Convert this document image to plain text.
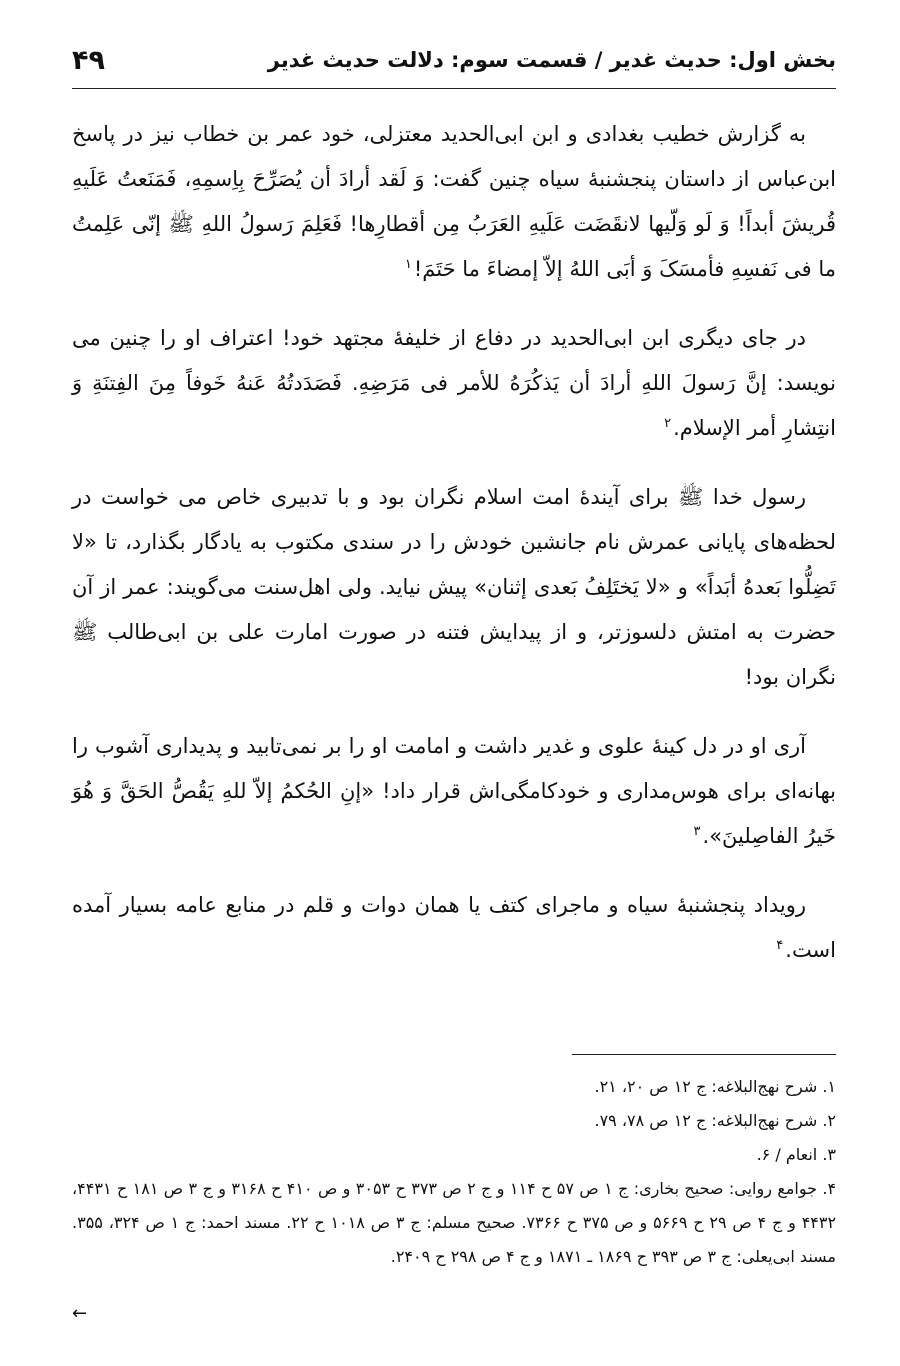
بخش اول: حدیث غدیر / قسمت سوم: دلالت حدیث غدیر
۴۹

به گزارش خطیب بغدادی و ابن ابی‌الحدید معتزلی، خود عمر بن خطاب نیز در پاسخ ابن‌عباس از داستان پنجشنبهٔ سیاه چنین گفت: وَ لَقد أرادَ أن یُصَرِّحَ بِاِسمِهِ، فَمَنَعتُ عَلَیهِ قُریشَ أبداً! وَ لَو وَلّیها لانقَضَت عَلَیهِ العَرَبُ مِن أقطارِها! فَعَلِمَ رَسولُ اللهِ ﷺ إنّی عَلِمتُ ما فی نَفسِهِ فأمسَکَ وَ أبَی اللهُ إلاّ إمضاءَ ما حَتَمَ!$^۱$

در جای دیگری ابن ابی‌الحدید در دفاع از خلیفهٔ مجتهد خود! اعتراف او را چنین می نویسد: إنَّ رَسولَ اللهِ أرادَ أن یَذکُرَهُ للأمر فی مَرَضِهِ. فَصَدَدتُهُ عَنهُ خَوفاً مِنَ الفِتنَةِ وَ انتِشارِ أمر الإسلام.$^۲$

رسول خدا ﷺ برای آیندهٔ امت اسلام نگران بود و با تدبیری خاص می خواست در لحظه‌های پایانی عمرش نام جانشین خودش را در سندی مکتوب به یادگار بگذارد، تا «لا تَضِلُّوا بَعدهُ أبَداً» و «لا یَختَلِفُ بَعدی إثنان» پیش نیاید. ولی اهل‌سنت می‌گویند: عمر از آن حضرت به امتش دلسوزتر، و از پیدایش فتنه در صورت امارت علی بن ابی‌طالب ﷺ نگران بود!

آری او در دل کینهٔ علوی و غدیر داشت و امامت او را بر نمی‌تابید و پدیداری آشوب را بهانه‌ای برای هوس‌مداری و خودکامگی‌اش قرار داد! «إنِ الحُکمُ إلاّ للهِ یَقُصُّ الحَقَّ وَ هُوَ خَیرُ الفاصِلینَ».$^۳$

رویداد پنجشنبهٔ سیاه و ماجرای کتف یا همان دوات و قلم در منابع عامه بسیار آمده است.$^۴$

۱. شرح نهج‌البلاغه: ج ۱۲ ص ۲۰، ۲۱.

۲. شرح نهج‌البلاغه: ج ۱۲ ص ۷۸، ۷۹.

۳. انعام / ۶.

۴. جوامع روایی: صحیح بخاری: ج ۱ ص ۵۷ ح ۱۱۴ و ج ۲ ص ۳۷۳ ح ۳۰۵۳ و ص ۴۱۰ ح ۳۱۶۸ و ج ۳ ص ۱۸۱ ح ۴۴۳۱، ۴۴۳۲ و ج ۴ ص ۲۹ ح ۵۶۶۹ و ص ۳۷۵ ح ۷۳۶۶. صحیح مسلم: ج ۳ ص ۱۰۱۸ ح ۲۲. مسند احمد: ج ۱ ص ۳۲۴، ۳۵۵. مسند ابی‌یعلی: ج ۳ ص ۳۹۳ ح ۱۸۶۹ ـ ۱۸۷۱ و ج ۴ ص ۲۹۸ ح ۲۴۰۹.

←
